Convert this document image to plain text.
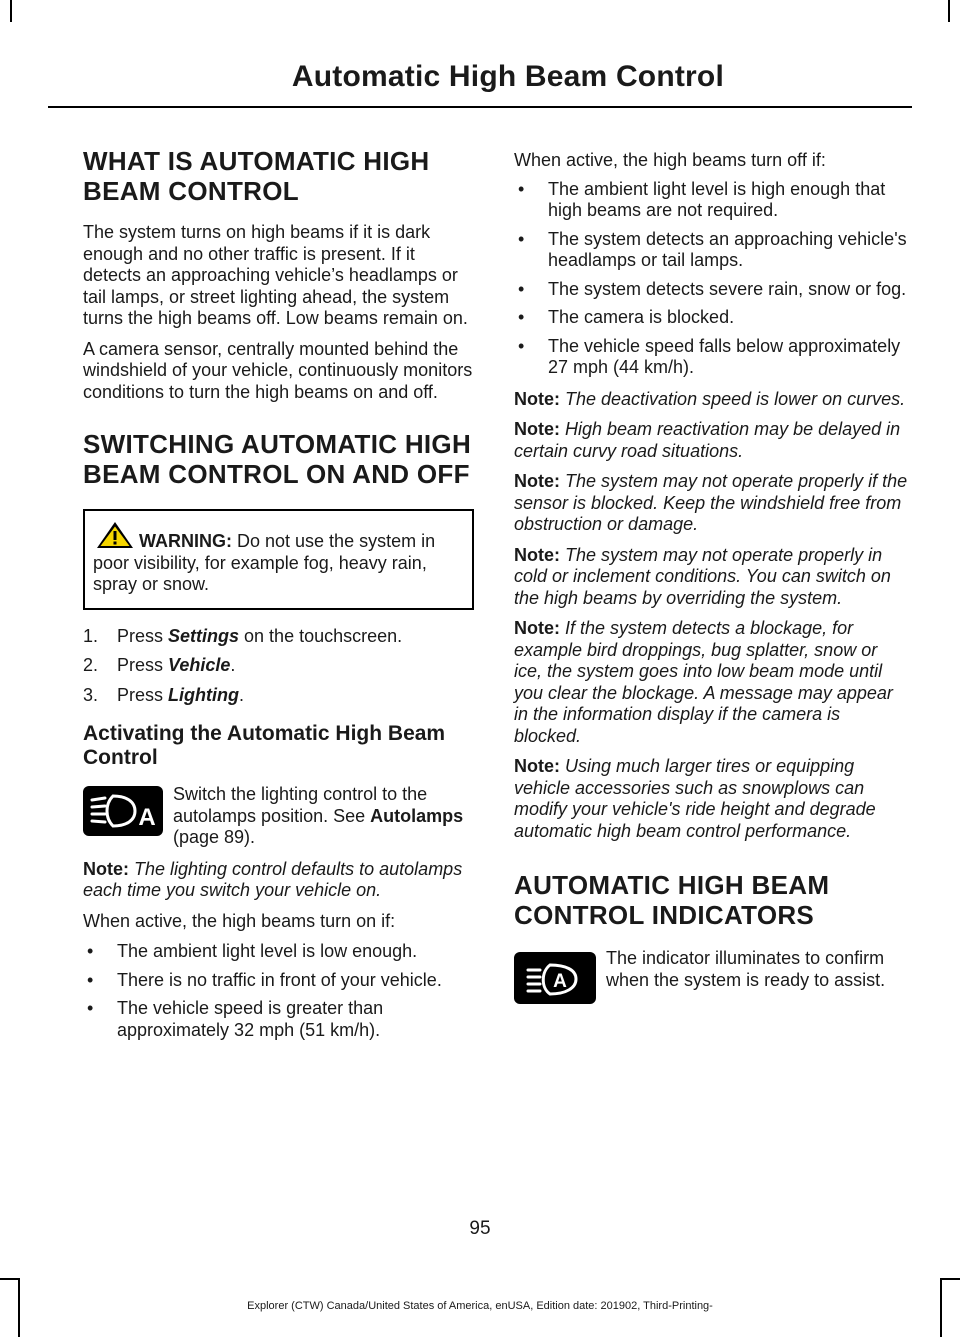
Automatic High Beam Control
WHAT IS AUTOMATIC HIGH
BEAM CONTROL

The system turns on high beams if it is dark enough and no other traffic is present. If it detects an approaching vehicle’s headlamps or tail lamps, or street lighting ahead, the system turns the high beams off. Low beams remain on.

A camera sensor, centrally mounted behind the windshield of your vehicle, continuously monitors conditions to turn the high beams on and off.

SWITCHING AUTOMATIC HIGH
BEAM CONTROL ON AND OFF
WARNING: Do not use the system in poor visibility, for example fog, heavy rain, spray or snow.
1.	Press Settings on the touchscreen.
2.	Press Vehicle.
3.	Press Lighting.
Activating the Automatic High Beam Control
A
Switch the lighting control to the autolamps position. See Autolamps (page 89).

Note: The lighting control defaults to autolamps each time you switch your vehicle on.

When active, the high beams turn on if:

•	The ambient light level is low enough.
•	There is no traffic in front of your vehicle.
•	The vehicle speed is greater than approximately 32 mph (51 km/h).

When active, the high beams turn off if:

•	The ambient light level is high enough that high beams are not required.
•	The system detects an approaching vehicle's headlamps or tail lamps.
•	The system detects severe rain, snow or fog.
•	The camera is blocked.
•	The vehicle speed falls below approximately 27 mph (44 km/h).

Note: The deactivation speed is lower on curves.

Note: High beam reactivation may be delayed in certain curvy road situations.

Note: The system may not operate properly if the sensor is blocked. Keep the windshield free from obstruction or damage.

Note: The system may not operate properly in cold or inclement conditions. You can switch on the high beams by overriding the system.

Note: If the system detects a blockage, for example bird droppings, bug splatter, snow or ice, the system goes into low beam mode until you clear the blockage. A message may appear in the information display if the camera is blocked.

Note: Using much larger tires or equipping vehicle accessories such as snowplows can modify your vehicle's ride height and degrade automatic high beam control performance.

AUTOMATIC HIGH BEAM
CONTROL INDICATORS
A
The indicator illuminates to confirm when the system is ready to assist.
95
Explorer (CTW) Canada/United States of America, enUSA, Edition date: 201902, Third-Printing-
